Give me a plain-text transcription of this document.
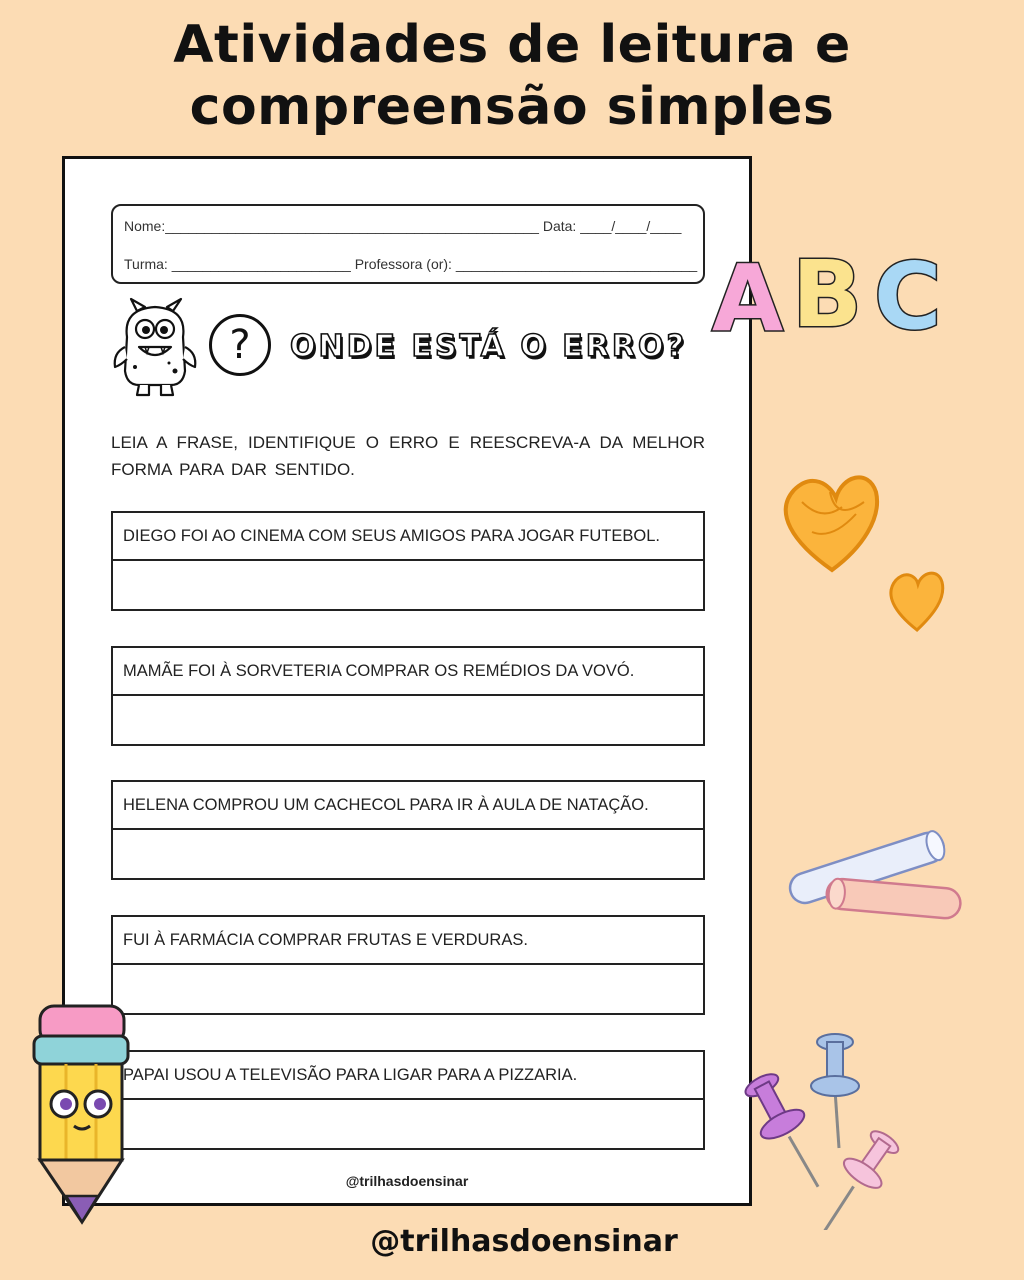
Atividades de leitura e
compreensão simples
Nome:________________________________________________ Data: ____/____/____
Turma: _______________________ Professora (or): _______________________________
?	ONDE ESTÁ O ERRO?
LEIA A FRASE, IDENTIFIQUE O ERRO E REESCREVA-A DA MELHOR FORMA PARA DAR SENTIDO.
DIEGO FOI AO CINEMA COM SEUS AMIGOS PARA JOGAR FUTEBOL.
MAMÃE FOI À SORVETERIA COMPRAR OS REMÉDIOS DA VOVÓ.
HELENA COMPROU UM CACHECOL PARA IR À AULA DE NATAÇÃO.
FUI À FARMÁCIA COMPRAR FRUTAS E VERDURAS.
PAPAI USOU A TELEVISÃO PARA LIGAR PARA A PIZZARIA.
@trilhasdoensinar
A B C
@trilhasdoensinar
